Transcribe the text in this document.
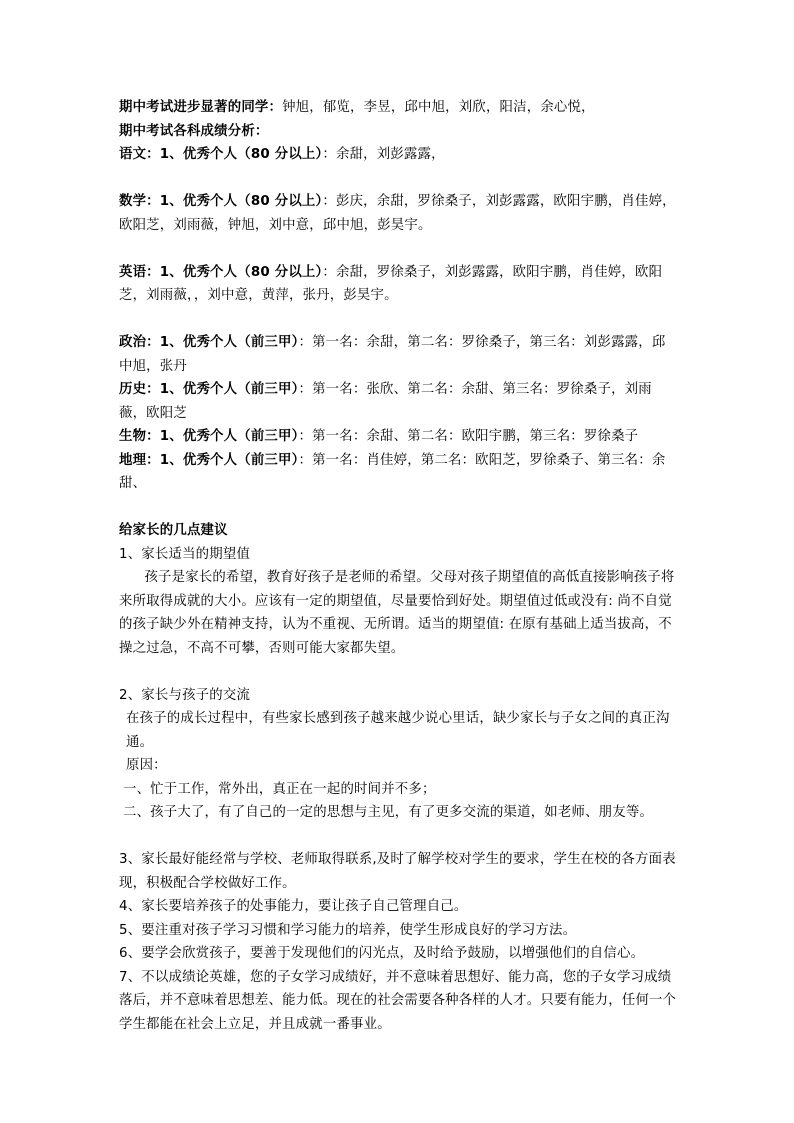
期中考试进步显著的同学：钟旭，郁览，李昱，邱中旭，刘欣，阳洁，余心悦，

期中考试各科成绩分析：

语文：1、优秀个人（80 分以上）：余甜，刘彭露露，

数学：1、优秀个人（80 分以上）：彭庆，余甜，罗徐桑子，刘彭露露，欧阳宇鹏，肖佳婷，欧阳芝，刘雨薇，钟旭，刘中意，邱中旭，彭昊宇。

英语：1、优秀个人（80 分以上）：余甜，罗徐桑子，刘彭露露，欧阳宇鹏，肖佳婷，欧阳芝，刘雨薇，，刘中意，黄萍，张丹，彭昊宇。

政治：1、优秀个人（前三甲）：第一名：余甜，第二名：罗徐桑子，第三名：刘彭露露，邱中旭，张丹

历史：1、优秀个人（前三甲）：第一名：张欣、第二名：余甜、第三名：罗徐桑子，刘雨薇，欧阳芝

生物：1、优秀个人（前三甲）：第一名：余甜、第二名：欧阳宇鹏，第三名：罗徐桑子

地理：1、优秀个人（前三甲）：第一名：肖佳婷，第二名：欧阳芝，罗徐桑子、第三名：余甜、

给家长的几点建议

1、家长适当的期望值

孩子是家长的希望，教育好孩子是老师的希望。父母对孩子期望值的高低直接影响孩子将来所取得成就的大小。应该有一定的期望值，尽量要恰到好处。期望值过低或没有: 尚不自觉的孩子缺少外在精神支持，认为不重视、无所谓。适当的期望值: 在原有基础上适当拔高，不操之过急，不高不可攀，否则可能大家都失望。

2、家长与孩子的交流

在孩子的成长过程中，有些家长感到孩子越来越少说心里话，缺少家长与子女之间的真正沟通。

原因：

一、忙于工作，常外出，真正在一起的时间并不多；

二、孩子大了，有了自己的一定的思想与主见，有了更多交流的渠道，如老师、朋友等。

3、家长最好能经常与学校、老师取得联系,及时了解学校对学生的要求，学生在校的各方面表现，积极配合学校做好工作。

4、家长要培养孩子的处事能力，要让孩子自己管理自己。

5、要注重对孩子学习习惯和学习能力的培养，使学生形成良好的学习方法。

6、要学会欣赏孩子，要善于发现他们的闪光点，及时给予鼓励，以增强他们的自信心。

7、不以成绩论英雄，您的子女学习成绩好，并不意味着思想好、能力高，您的子女学习成绩落后，并不意味着思想差、能力低。现在的社会需要各种各样的人才。只要有能力，任何一个学生都能在社会上立足，并且成就一番事业。
